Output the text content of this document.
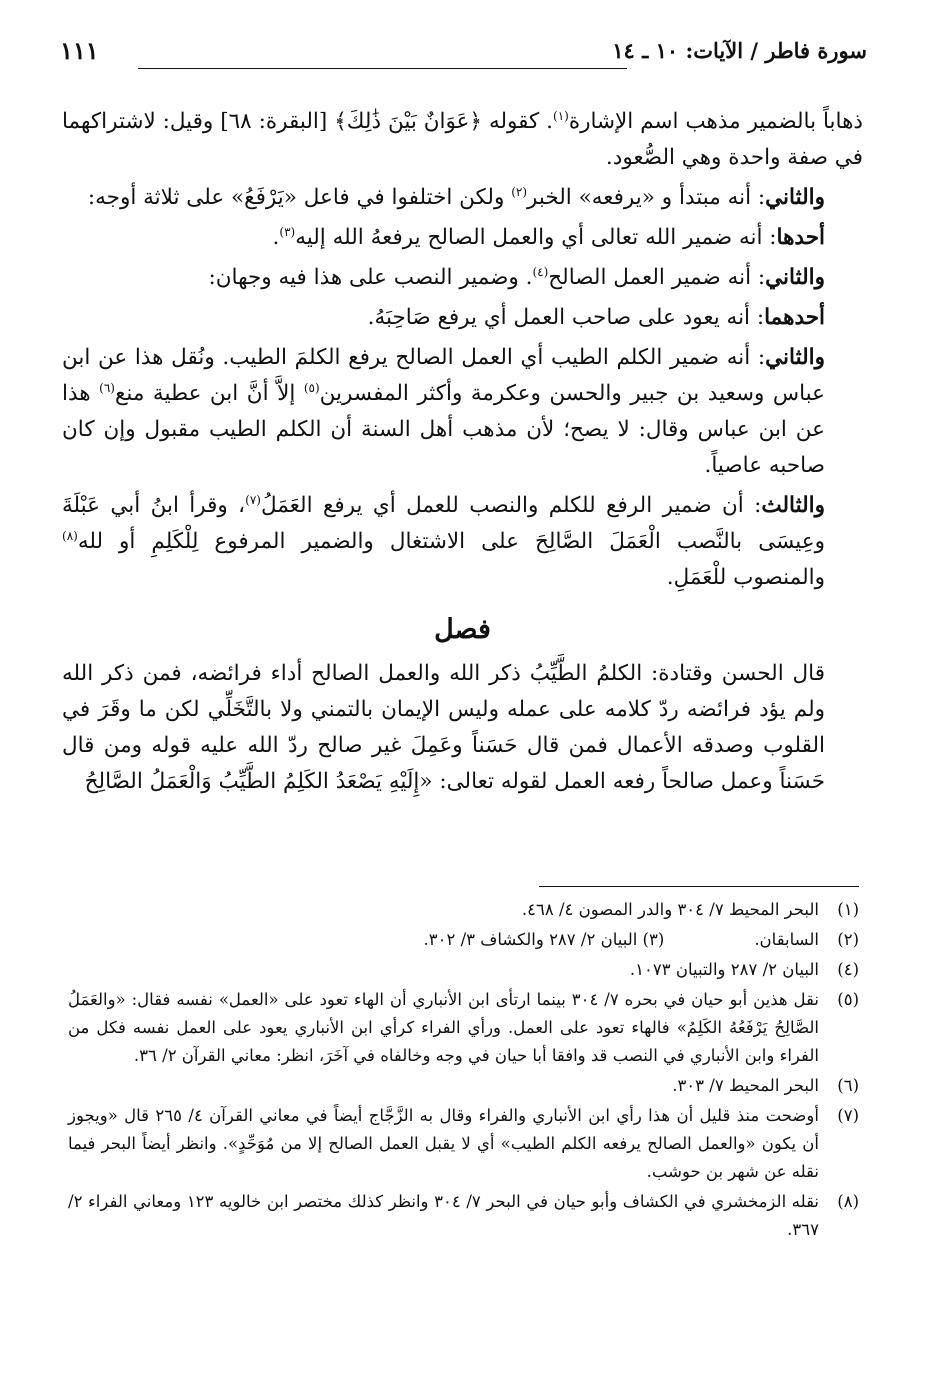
سورة فاطر / الآيات: ١٠ ـ ١٤
١١١

ذهاباً بالضمير مذهب اسم الإشارة$^{(١)}$. كقوله ﴿عَوَانٌ بَيْنَ ذَٰلِكَ﴾ [البقرة: ٦٨] وقيل: لاشتراكهما في صفة واحدة وهي الصُّعود.

والثاني: أنه مبتدأ و «يرفعه» الخبر$^{(٢)}$ ولكن اختلفوا في فاعل «يَرْفَعُ» على ثلاثة أوجه:

أحدها: أنه ضمير الله تعالى أي والعمل الصالح يرفعهُ الله إليه$^{(٣)}$.

والثاني: أنه ضمير العمل الصالح$^{(٤)}$. وضمير النصب على هذا فيه وجهان:

أحدهما: أنه يعود على صاحب العمل أي يرفع صَاحِبَهُ.

والثاني: أنه ضمير الكلم الطيب أي العمل الصالح يرفع الكلمَ الطيب. ونُقل هذا عن ابن عباس وسعيد بن جبير والحسن وعكرمة وأكثر المفسرين$^{(٥)}$ إلاَّ أنَّ ابن عطية منع$^{(٦)}$ هذا عن ابن عباس وقال: لا يصح؛ لأن مذهب أهل السنة أن الكلم الطيب مقبول وإن كان صاحبه عاصياً.

والثالث: أن ضمير الرفع للكلم والنصب للعمل أي يرفع العَمَلُ$^{(٧)}$، وقرأ ابنُ أبي عَبْلَةَ وعِيسَى بالنَّصب الْعَمَلَ الصَّالِحَ على الاشتغال والضمير المرفوع لِلْكَلِمِ أو لله$^{(٨)}$ والمنصوب للْعَمَلِ.

فصل

قال الحسن وقتادة: الكلمُ الطَّيِّبُ ذكر الله والعمل الصالح أداء فرائضه، فمن ذكر الله ولم يؤد فرائضه ردّ كلامه على عمله وليس الإيمان بالتمني ولا بالتَّخَلِّي لكن ما وقَرَ في القلوب وصدقه الأعمال فمن قال حَسَناً وعَمِلَ غير صالح ردّ الله عليه قوله ومن قال حَسَناً وعمل صالحاً رفعه العمل لقوله تعالى: «إِلَيْهِ يَصْعَدُ الكَلِمُ الطَّيِّبُ وَالْعَمَلُ الصَّالِحُ

(١)
البحر المحيط ٧/ ٣٠٤ والدر المصون ٤/ ٤٦٨.
(٢)
السابقان.(٣) البيان ٢/ ٢٨٧ والكشاف ٣/ ٣٠٢.
(٤)
البيان ٢/ ٢٨٧ والتبيان ١٠٧٣.
(٥)
نقل هذين أبو حيان في بحره ٧/ ٣٠٤ بينما ارتأى ابن الأنباري أن الهاء تعود على «العمل» نفسه فقال: «والعَمَلُ الصَّالِحُ يَرْفَعُهُ الكَلِمُ» فالهاء تعود على العمل. ورأي الفراء كرأي ابن الأنباري يعود على العمل نفسه فكل من الفراء وابن الأنباري في النصب قد وافقا أبا حيان في وجه وخالفاه في آخَرَ، انظر: معاني القرآن ٢/ ٣٦.
(٦)
البحر المحيط ٧/ ٣٠٣.
(٧)
أوضحت منذ قليل أن هذا رأي ابن الأنباري والفراء وقال به الزَّجَّاج أيضاً في معاني القرآن ٤/ ٢٦٥ قال «ويجوز أن يكون «والعمل الصالح يرفعه الكلم الطيب» أي لا يقبل العمل الصالح إلا من مُوَحِّدٍ». وانظر أيضاً البحر فيما نقله عن شهر بن حوشب.
(٨)
نقله الزمخشري في الكشاف وأبو حيان في البحر ٧/ ٣٠٤ وانظر كذلك مختصر ابن خالويه ١٢٣ ومعاني الفراء ٢/ ٣٦٧.
